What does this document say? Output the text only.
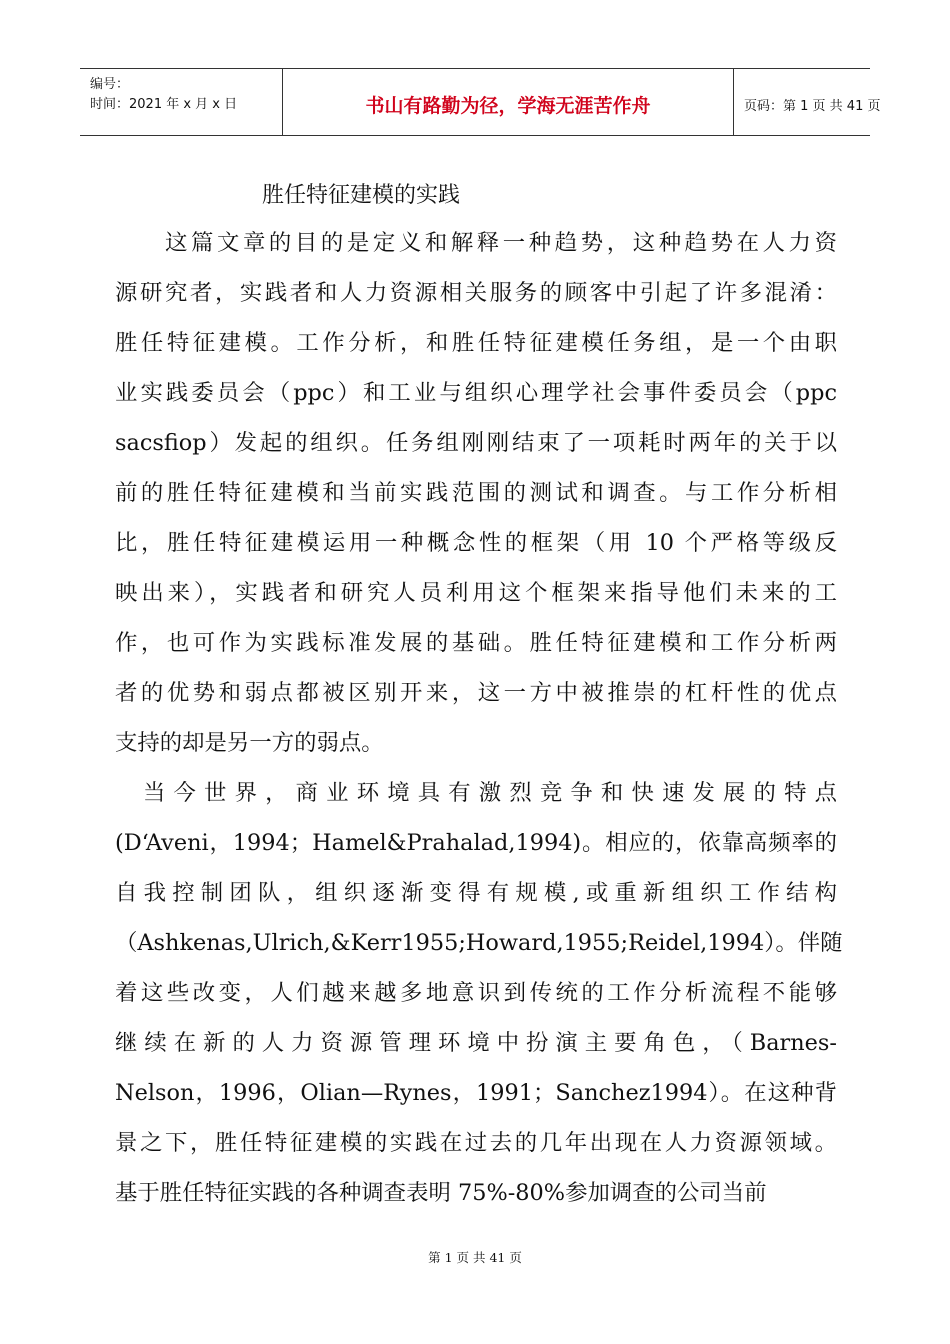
编号：
时间：2021 年 x 月 x 日	书山有路勤为径，学海无涯苦作舟	页码：第 1 页 共 41 页
胜任特征建模的实践
这篇文章的目的是定义和解释一种趋势，这种趋势在人力资
源研究者，实践者和人力资源相关服务的顾客中引起了许多混淆：
胜任特征建模。工作分析，和胜任特征建模任务组，是一个由职
业实践委员会（ppc）和工业与组织心理学社会事件委员会（ppc
sacsfiop）发起的组织。任务组刚刚结束了一项耗时两年的关于以
前的胜任特征建模和当前实践范围的测试和调查。与工作分析相
比，胜任特征建模运用一种概念性的框架（用 10 个严格等级反
映出来），实践者和研究人员利用这个框架来指导他们未来的工
作，也可作为实践标准发展的基础。胜任特征建模和工作分析两
者的优势和弱点都被区别开来，这一方中被推崇的杠杆性的优点
支持的却是另一方的弱点。
当今世界，商业环境具有激烈竞争和快速发展的特点
(D‘Aveni，1994；Hamel&Prahalad,1994)。相应的，依靠高频率的
自我控制团队，组织逐渐变得有规模,或重新组织工作结构
（Ashkenas,Ulrich,&Kerr1955;Howard,1955;Reidel,1994）。伴随
着这些改变，人们越来越多地意识到传统的工作分析流程不能够
继续在新的人力资源管理环境中扮演主要角色，（Barnes-
Nelson，1996，Olian—Rynes，1991；Sanchez1994）。在这种背
景之下，胜任特征建模的实践在过去的几年出现在人力资源领域。
基于胜任特征实践的各种调查表明 75%-80%参加调查的公司当前
第 1 页 共 41 页
